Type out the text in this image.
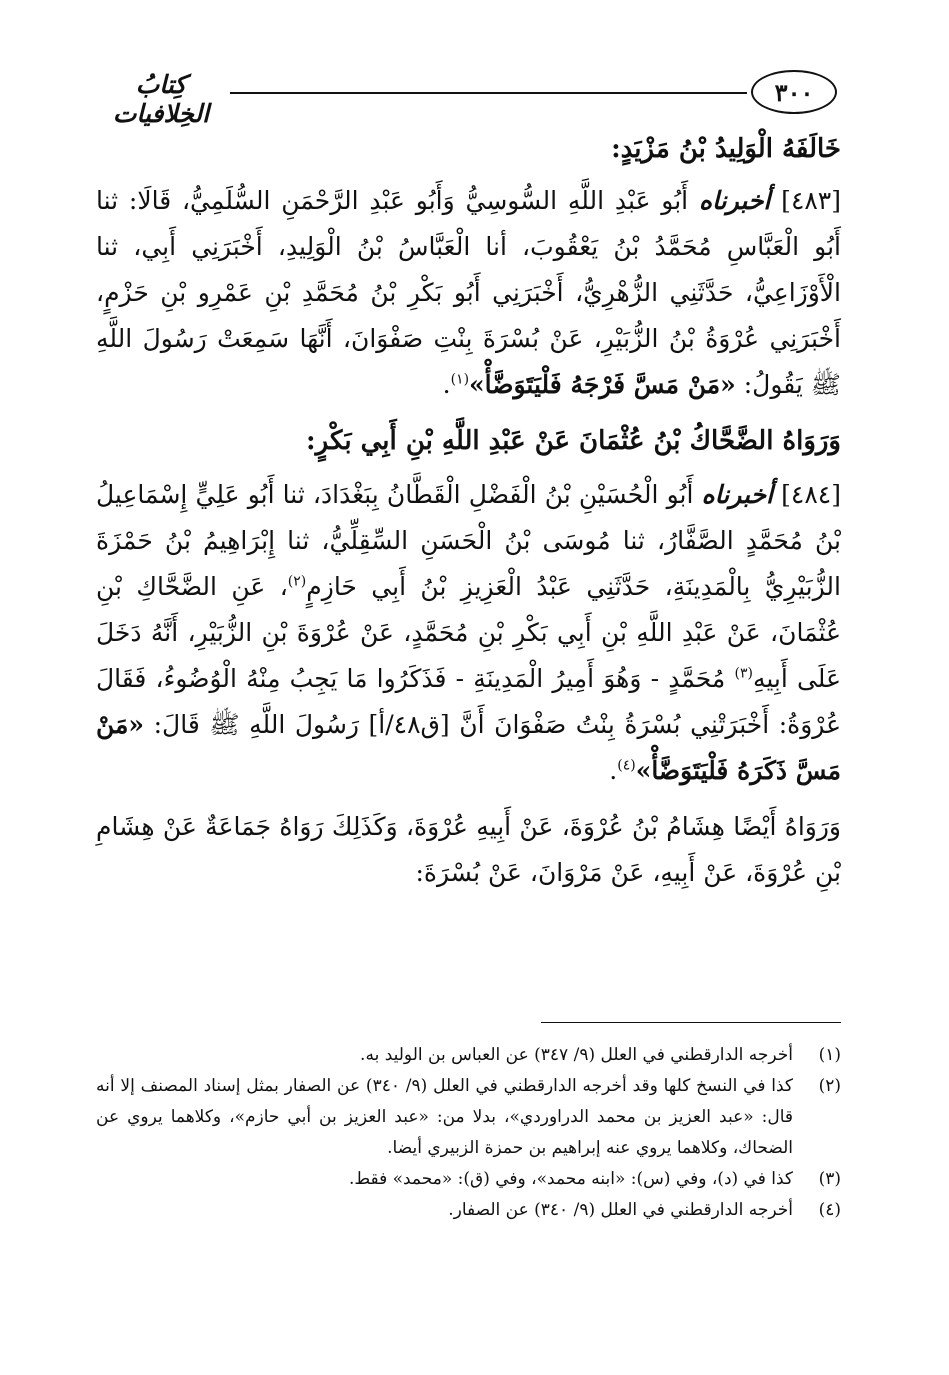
٣٠٠
كِتابُ الخِلافيات

خَالَفَهُ الْوَلِيدُ بْنُ مَزْيَدٍ:

[٤٨٣] أخبرناه أَبُو عَبْدِ اللَّهِ السُّوسِيُّ وَأَبُو عَبْدِ الرَّحْمَنِ السُّلَمِيُّ، قَالَا: ثنا أَبُو الْعَبَّاسِ مُحَمَّدُ بْنُ يَعْقُوبَ، أنا الْعَبَّاسُ بْنُ الْوَلِيدِ، أَخْبَرَنِي أَبِي، ثنا الْأَوْزَاعِيُّ، حَدَّثَنِي الزُّهْرِيُّ، أَخْبَرَنِي أَبُو بَكْرِ بْنُ مُحَمَّدِ بْنِ عَمْرِو بْنِ حَزْمٍ، أَخْبَرَنِي عُرْوَةُ بْنُ الزُّبَيْرِ، عَنْ بُسْرَةَ بِنْتِ صَفْوَانَ، أَنَّهَا سَمِعَتْ رَسُولَ اللَّهِ ﷺ يَقُولُ: «مَنْ مَسَّ فَرْجَهُ فَلْيَتَوَضَّأْ»$^{(١)}$.

وَرَوَاهُ الضَّحَّاكُ بْنُ عُثْمَانَ عَنْ عَبْدِ اللَّهِ بْنِ أَبِي بَكْرٍ:

[٤٨٤] أخبرناه أَبُو الْحُسَيْنِ بْنُ الْفَضْلِ الْقَطَّانُ بِبَغْدَادَ، ثنا أَبُو عَلِيٍّ إِسْمَاعِيلُ بْنُ مُحَمَّدٍ الصَّفَّارُ، ثنا مُوسَى بْنُ الْحَسَنِ السِّقِلِّيُّ، ثنا إِبْرَاهِيمُ بْنُ حَمْزَةَ الزُّبَيْرِيُّ بِالْمَدِينَةِ، حَدَّثَنِي عَبْدُ الْعَزِيزِ بْنُ أَبِي حَازِمٍ$^{(٢)}$، عَنِ الضَّحَّاكِ بْنِ عُثْمَانَ، عَنْ عَبْدِ اللَّهِ بْنِ أَبِي بَكْرِ بْنِ مُحَمَّدٍ، عَنْ عُرْوَةَ بْنِ الزُّبَيْرِ، أَنَّهُ دَخَلَ عَلَى أَبِيهِ$^{(٣)}$ مُحَمَّدٍ - وَهُوَ أَمِيرُ الْمَدِينَةِ - فَذَكَرُوا مَا يَجِبُ مِنْهُ الْوُضُوءُ، فَقَالَ عُرْوَةُ: أَخْبَرَتْنِي بُسْرَةُ بِنْتُ صَفْوَانَ أَنَّ [ق٤٨/أ] رَسُولَ اللَّهِ ﷺ قَالَ: «مَنْ مَسَّ ذَكَرَهُ فَلْيَتَوَضَّأْ»$^{(٤)}$.

وَرَوَاهُ أَيْضًا هِشَامُ بْنُ عُرْوَةَ، عَنْ أَبِيهِ عُرْوَةَ، وَكَذَلِكَ رَوَاهُ جَمَاعَةٌ عَنْ هِشَامِ بْنِ عُرْوَةَ، عَنْ أَبِيهِ، عَنْ مَرْوَانَ، عَنْ بُسْرَةَ:

(١)
أخرجه الدارقطني في العلل (٩/ ٣٤٧) عن العباس بن الوليد به.

(٢)
كذا في النسخ كلها وقد أخرجه الدارقطني في العلل (٩/ ٣٤٠) عن الصفار بمثل إسناد المصنف إلا أنه قال: «عبد العزيز بن محمد الدراوردي»، بدلا من: «عبد العزيز بن أبي حازم»، وكلاهما يروي عن الضحاك، وكلاهما يروي عنه إبراهيم بن حمزة الزبيري أيضا.

(٣)
كذا في (د)، وفي (س): «ابنه محمد»، وفي (ق): «محمد» فقط.

(٤)
أخرجه الدارقطني في العلل (٩/ ٣٤٠) عن الصفار.
